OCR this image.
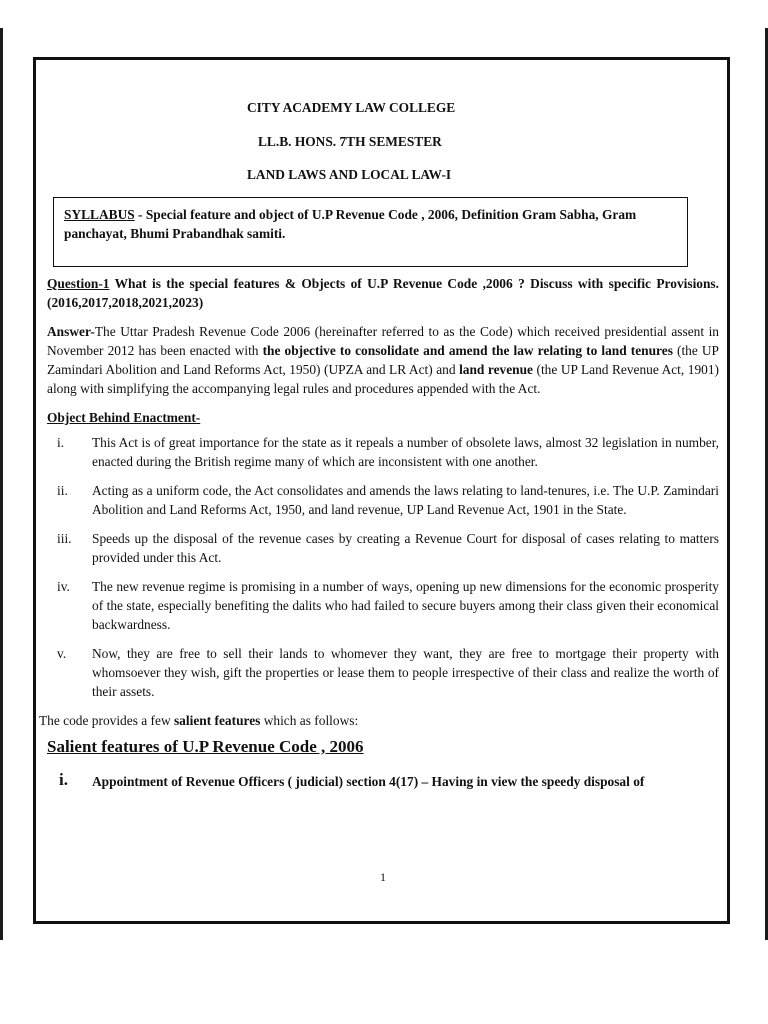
CITY ACADEMY LAW COLLEGE
LL.B. HONS. 7TH SEMESTER
LAND LAWS AND LOCAL LAW-I
SYLLABUS - Special feature and object of U.P Revenue Code , 2006, Definition Gram Sabha, Gram panchayat, Bhumi Prabandhak samiti.
Question-1 What is the special features & Objects of U.P Revenue Code ,2006 ? Discuss with specific Provisions. (2016,2017,2018,2021,2023)
Answer-The Uttar Pradesh Revenue Code 2006 (hereinafter referred to as the Code) which received presidential assent in November 2012 has been enacted with the objective to consolidate and amend the law relating to land tenures (the UP Zamindari Abolition and Land Reforms Act, 1950) (UPZA and LR Act) and land revenue (the UP Land Revenue Act, 1901) along with simplifying the accompanying legal rules and procedures appended with the Act.
Object Behind Enactment-
i. This Act is of great importance for the state as it repeals a number of obsolete laws, almost 32 legislation in number, enacted during the British regime many of which are inconsistent with one another.
ii. Acting as a uniform code, the Act consolidates and amends the laws relating to land-tenures, i.e. The U.P. Zamindari Abolition and Land Reforms Act, 1950, and land revenue, UP Land Revenue Act, 1901 in the State.
iii. Speeds up the disposal of the revenue cases by creating a Revenue Court for disposal of cases relating to matters provided under this Act.
iv. The new revenue regime is promising in a number of ways, opening up new dimensions for the economic prosperity of the state, especially benefiting the dalits who had failed to secure buyers among their class given their economical backwardness.
v. Now, they are free to sell their lands to whomever they want, they are free to mortgage their property with whomsoever they wish, gift the properties or lease them to people irrespective of their class and realize the worth of their assets.
The code provides a few salient features which as follows:
Salient features of U.P Revenue Code , 2006
i. Appointment of Revenue Officers ( judicial) section 4(17) – Having in view the speedy disposal of
1
